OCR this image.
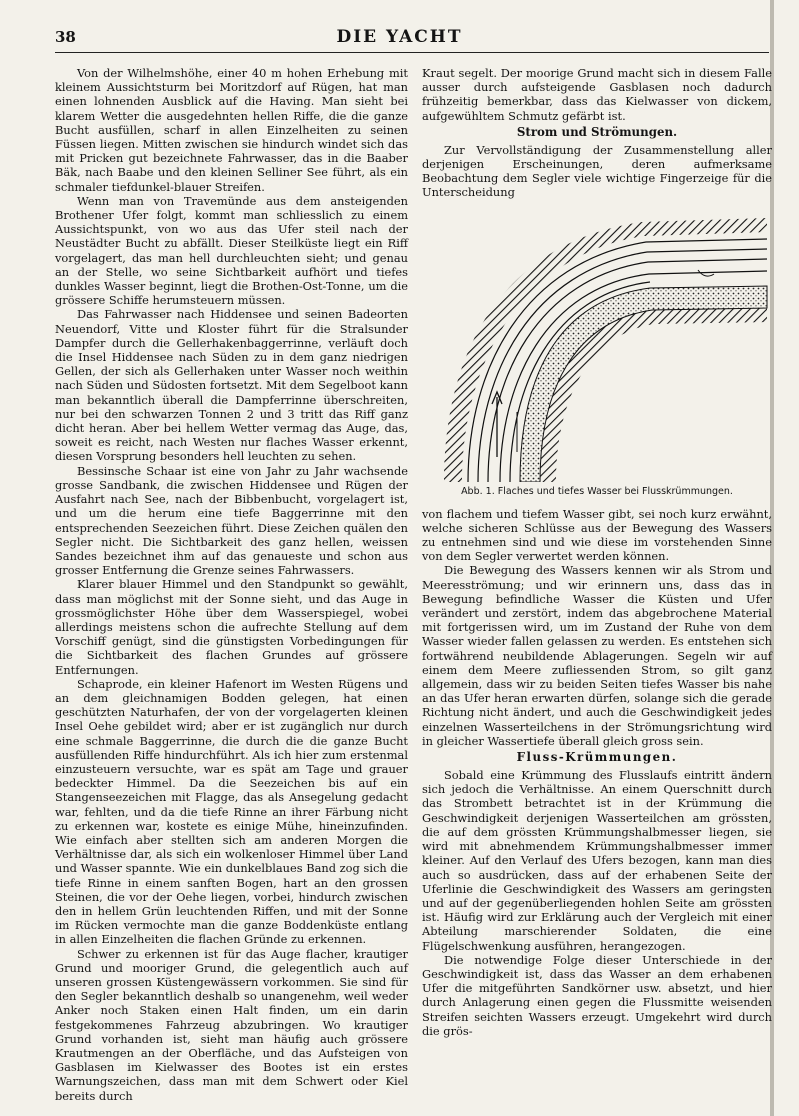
38	DIE YACHT

Von der Wilhelmshöhe, einer 40 m hohen Erhebung mit kleinem Aussichtsturm bei Moritzdorf auf Rügen, hat man einen lohnenden Ausblick auf die Having. Man sieht bei klarem Wetter die ausgedehnten hellen Riffe, die die ganze Bucht ausfüllen, scharf in allen Einzelheiten zu seinen Füssen liegen. Mitten zwischen sie hindurch windet sich das mit Pricken gut bezeichnete Fahrwasser, das in die Baaber Bäk, nach Baabe und den kleinen Selliner See führt, als ein schmaler tiefdunkel-blauer Streifen.

Wenn man von Travemünde aus dem ansteigenden Brothener Ufer folgt, kommt man schliesslich zu einem Aussichtspunkt, von wo aus das Ufer steil nach der Neustädter Bucht zu abfällt. Dieser Steilküste liegt ein Riff vorgelagert, das man hell durchleuchten sieht; und genau an der Stelle, wo seine Sichtbarkeit aufhört und tiefes dunkles Wasser beginnt, liegt die Brothen-Ost-Tonne, um die grössere Schiffe herumsteuern müssen.

Das Fahrwasser nach Hiddensee und seinen Badeorten Neuendorf, Vitte und Kloster führt für die Stralsunder Dampfer durch die Gellerhakenbaggerrinne, verläuft doch die Insel Hiddensee nach Süden zu in dem ganz niedrigen Gellen, der sich als Gellerhaken unter Wasser noch weithin nach Süden und Südosten fortsetzt. Mit dem Segelboot kann man bekanntlich überall die Dampferrinne überschreiten, nur bei den schwarzen Tonnen 2 und 3 tritt das Riff ganz dicht heran. Aber bei hellem Wetter vermag das Auge, das, soweit es reicht, nach Westen nur flaches Wasser erkennt, diesen Vorsprung besonders hell leuchten zu sehen.

Bessinsche Schaar ist eine von Jahr zu Jahr wachsende grosse Sandbank, die zwischen Hiddensee und Rügen der Ausfahrt nach See, nach der Bibbenbucht, vorgelagert ist, und um die herum eine tiefe Baggerrinne mit den entsprechenden Seezeichen führt. Diese Zeichen quälen den Segler nicht. Die Sichtbarkeit des ganz hellen, weissen Sandes bezeichnet ihm auf das genaueste und schon aus grosser Entfernung die Grenze seines Fahrwassers.

Klarer blauer Himmel und den Standpunkt so gewählt, dass man möglichst mit der Sonne sieht, und das Auge in grossmöglichster Höhe über dem Wasserspiegel, wobei allerdings meistens schon die aufrechte Stellung auf dem Vorschiff genügt, sind die günstigsten Vorbedingungen für die Sichtbarkeit des flachen Grundes auf grössere Entfernungen.

Schaprode, ein kleiner Hafenort im Westen Rügens und an dem gleichnamigen Bodden gelegen, hat einen geschützten Naturhafen, der von der vorgelagerten kleinen Insel Oehe gebildet wird; aber er ist zugänglich nur durch eine schmale Baggerrinne, die durch die die ganze Bucht ausfüllenden Riffe hindurchführt. Als ich hier zum erstenmal einzusteuern versuchte, war es spät am Tage und grauer bedeckter Himmel. Da die Seezeichen bis auf ein Stangenseezeichen mit Flagge, das als Ansegelung gedacht war, fehlten, und da die tiefe Rinne an ihrer Färbung nicht zu erkennen war, kostete es einige Mühe, hineinzufinden. Wie einfach aber stellten sich am anderen Morgen die Verhältnisse dar, als sich ein wolkenloser Himmel über Land und Wasser spannte. Wie ein dunkelblaues Band zog sich die tiefe Rinne in einem sanften Bogen, hart an den grossen Steinen, die vor der Oehe liegen, vorbei, hindurch zwischen den in hellem Grün leuchtenden Riffen, und mit der Sonne im Rücken vermochte man die ganze Boddenküste entlang in allen Einzelheiten die flachen Gründe zu erkennen.

Schwer zu erkennen ist für das Auge flacher, krautiger Grund und mooriger Grund, die gelegentlich auch auf unseren grossen Küstengewässern vorkommen. Sie sind für den Segler bekanntlich deshalb so unangenehm, weil weder Anker noch Staken einen Halt finden, um ein darin festgekommenes Fahrzeug abzubringen. Wo krautiger Grund vorhanden ist, sieht man häufig auch grössere Krautmengen an der Oberfläche, und das Aufsteigen von Gasblasen im Kielwasser des Bootes ist ein erstes Warnungszeichen, dass man mit dem Schwert oder Kiel bereits durch

Kraut segelt. Der moorige Grund macht sich in diesem Falle ausser durch aufsteigende Gasblasen noch dadurch frühzeitig bemerkbar, dass das Kielwasser von dickem, aufgewühltem Schmutz gefärbt ist.

Strom und Strömungen.

Zur Vervollständigung der Zusammenstellung aller derjenigen Erscheinungen, deren aufmerksame Beobachtung dem Segler viele wichtige Fingerzeige für die Unterscheidung

Abb. 1. Flaches und tiefes Wasser bei Flusskrümmungen.

von flachem und tiefem Wasser gibt, sei noch kurz erwähnt, welche sicheren Schlüsse aus der Bewegung des Wassers zu entnehmen sind und wie diese im vorstehenden Sinne von dem Segler verwertet werden können.

Die Bewegung des Wassers kennen wir als Strom und Meeresströmung; und wir erinnern uns, dass das in Bewegung befindliche Wasser die Küsten und Ufer verändert und zerstört, indem das abgebrochene Material mit fortgerissen wird, um im Zustand der Ruhe von dem Wasser wieder fallen gelassen zu werden. Es entstehen sich fortwährend neubildende Ablagerungen. Segeln wir auf einem dem Meere zufliessenden Strom, so gilt ganz allgemein, dass wir zu beiden Seiten tiefes Wasser bis nahe an das Ufer heran erwarten dürfen, solange sich die gerade Richtung nicht ändert, und auch die Geschwindigkeit jedes einzelnen Wasserteilchens in der Strömungsrichtung wird in gleicher Wassertiefe überall gleich gross sein.

Fluss-Krümmungen.

Sobald eine Krümmung des Flusslaufs eintritt ändern sich jedoch die Verhältnisse. An einem Querschnitt durch das Strombett betrachtet ist in der Krümmung die Geschwindigkeit derjenigen Wasserteilchen am grössten, die auf dem grössten Krümmungshalbmesser liegen, sie wird mit abnehmendem Krümmungshalbmesser immer kleiner. Auf den Verlauf des Ufers bezogen, kann man dies auch so ausdrücken, dass auf der erhabenen Seite der Uferlinie die Geschwindigkeit des Wassers am geringsten und auf der gegenüberliegenden hohlen Seite am grössten ist. Häufig wird zur Erklärung auch der Vergleich mit einer Abteilung marschierender Soldaten, die eine Flügelschwenkung ausführen, herangezogen.

Die notwendige Folge dieser Unterschiede in der Geschwindigkeit ist, dass das Wasser an dem erhabenen Ufer die mitgeführten Sandkörner usw. absetzt, und hier durch Anlagerung einen gegen die Flussmitte weisenden Streifen seichten Wassers erzeugt. Umgekehrt wird durch die grös-
